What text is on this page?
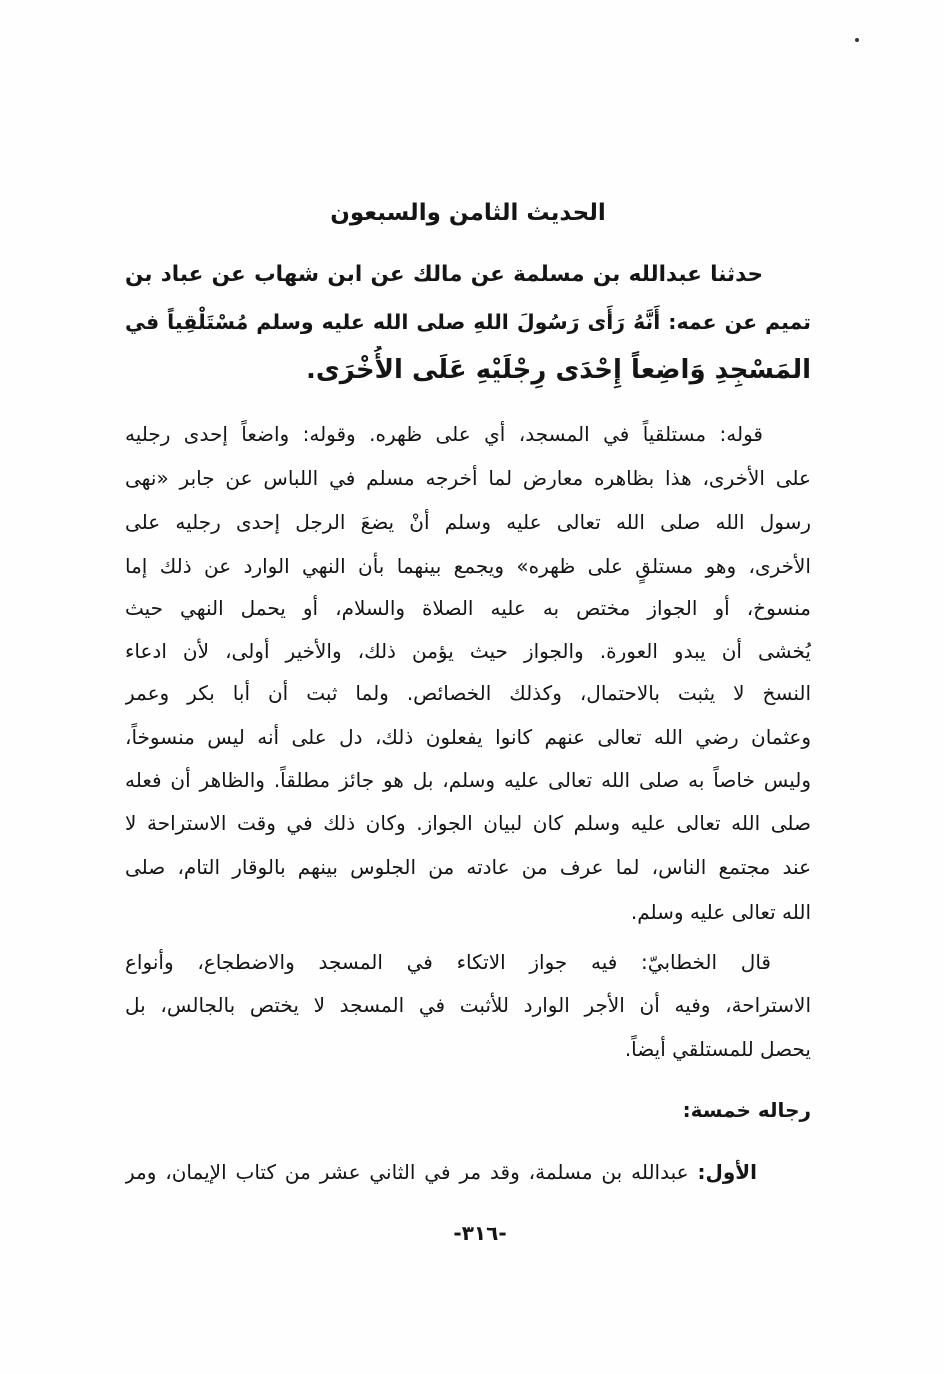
الحديث الثامن والسبعون
حدثنا عبدالله بن مسلمة عن مالك عن ابن شهاب عن عباد بن
تميم عن عمه: أَنَّهُ رَأَى رَسُولَ اللهِ صلى الله عليه وسلم مُسْتَلْقِياً في
المَسْجِدِ وَاضِعاً إِحْدَى رِجْلَيْهِ عَلَى الأُخْرَى.
قوله: مستلقياً في المسجد، أي على ظهره. وقوله: واضعاً إحدى رجليه
على الأخرى، هذا بظاهره معارض لما أخرجه مسلم في اللباس عن جابر «نهى
رسول الله صلى الله تعالى عليه وسلم أنْ يضعَ الرجل إحدى رجليه على
الأخرى، وهو مستلقٍ على ظهره» ويجمع بينهما بأن النهي الوارد عن ذلك إما
منسوخ، أو الجواز مختص به عليه الصلاة والسلام، أو يحمل النهي حيث
يُخشى أن يبدو العورة. والجواز حيث يؤمن ذلك، والأخير أولى، لأن ادعاء
النسخ لا يثبت بالاحتمال، وكذلك الخصائص. ولما ثبت أن أبا بكر وعمر
وعثمان رضي الله تعالى عنهم كانوا يفعلون ذلك، دل على أنه ليس منسوخاً،
وليس خاصاً به صلى الله تعالى عليه وسلم، بل هو جائز مطلقاً. والظاهر أن فعله
صلى الله تعالى عليه وسلم كان لبيان الجواز. وكان ذلك في وقت الاستراحة لا
عند مجتمع الناس، لما عرف من عادته من الجلوس بينهم بالوقار التام، صلى
الله تعالى عليه وسلم.
قال الخطابيّ: فيه جواز الاتكاء في المسجد والاضطجاع، وأنواع
الاستراحة، وفيه أن الأجر الوارد للأثبت في المسجد لا يختص بالجالس، بل
يحصل للمستلقي أيضاً.
رجاله خمسة:
الأول: عبدالله بن مسلمة، وقد مر في الثاني عشر من كتاب الإيمان، ومر
-٣١٦-
